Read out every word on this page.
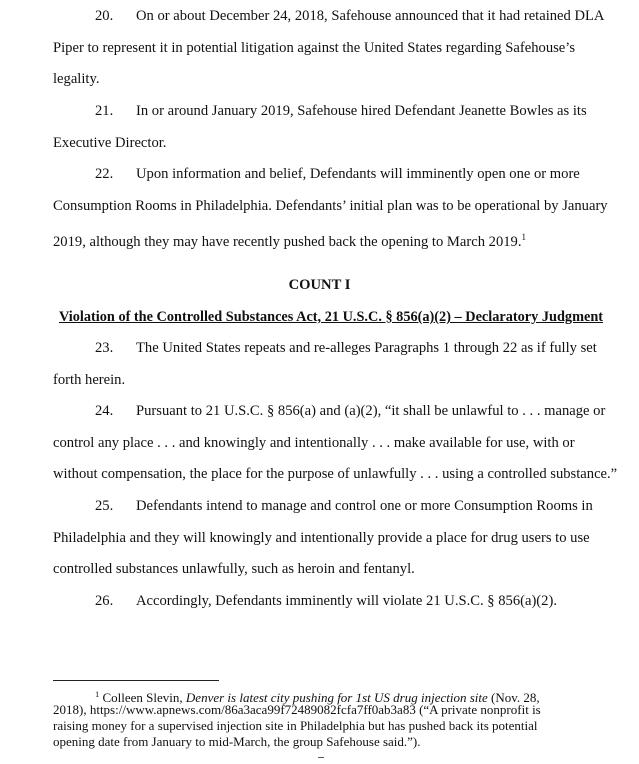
20. On or about December 24, 2018, Safehouse announced that it had retained DLA
Piper to represent it in potential litigation against the United States regarding Safehouse’s
legality.
21. In or around January 2019, Safehouse hired Defendant Jeanette Bowles as its
Executive Director.
22. Upon information and belief, Defendants will imminently open one or more
Consumption Rooms in Philadelphia. Defendants’ initial plan was to be operational by January
2019, although they may have recently pushed back the opening to March 2019.$^1$
COUNT I
Violation of the Controlled Substances Act, 21 U.S.C. § 856(a)(2) – Declaratory Judgment
23. The United States repeats and re-alleges Paragraphs 1 through 22 as if fully set
forth herein.
24. Pursuant to 21 U.S.C. § 856(a) and (a)(2), “it shall be unlawful to . . . manage or
control any place . . . and knowingly and intentionally . . . make available for use, with or
without compensation, the place for the purpose of unlawfully . . . using a controlled substance.”
25. Defendants intend to manage and control one or more Consumption Rooms in
Philadelphia and they will knowingly and intentionally provide a place for drug users to use
controlled substances unlawfully, such as heroin and fentanyl.
26. Accordingly, Defendants imminently will violate 21 U.S.C. § 856(a)(2).
$^1$ Colleen Slevin, Denver is latest city pushing for 1st US drug injection site (Nov. 28,
2018), https://www.apnews.com/86a3aca99f72489082fcfa7ff0ab3a83 (“A private nonprofit is
raising money for a supervised injection site in Philadelphia but has pushed back its potential
opening date from January to mid-March, the group Safehouse said.”).
